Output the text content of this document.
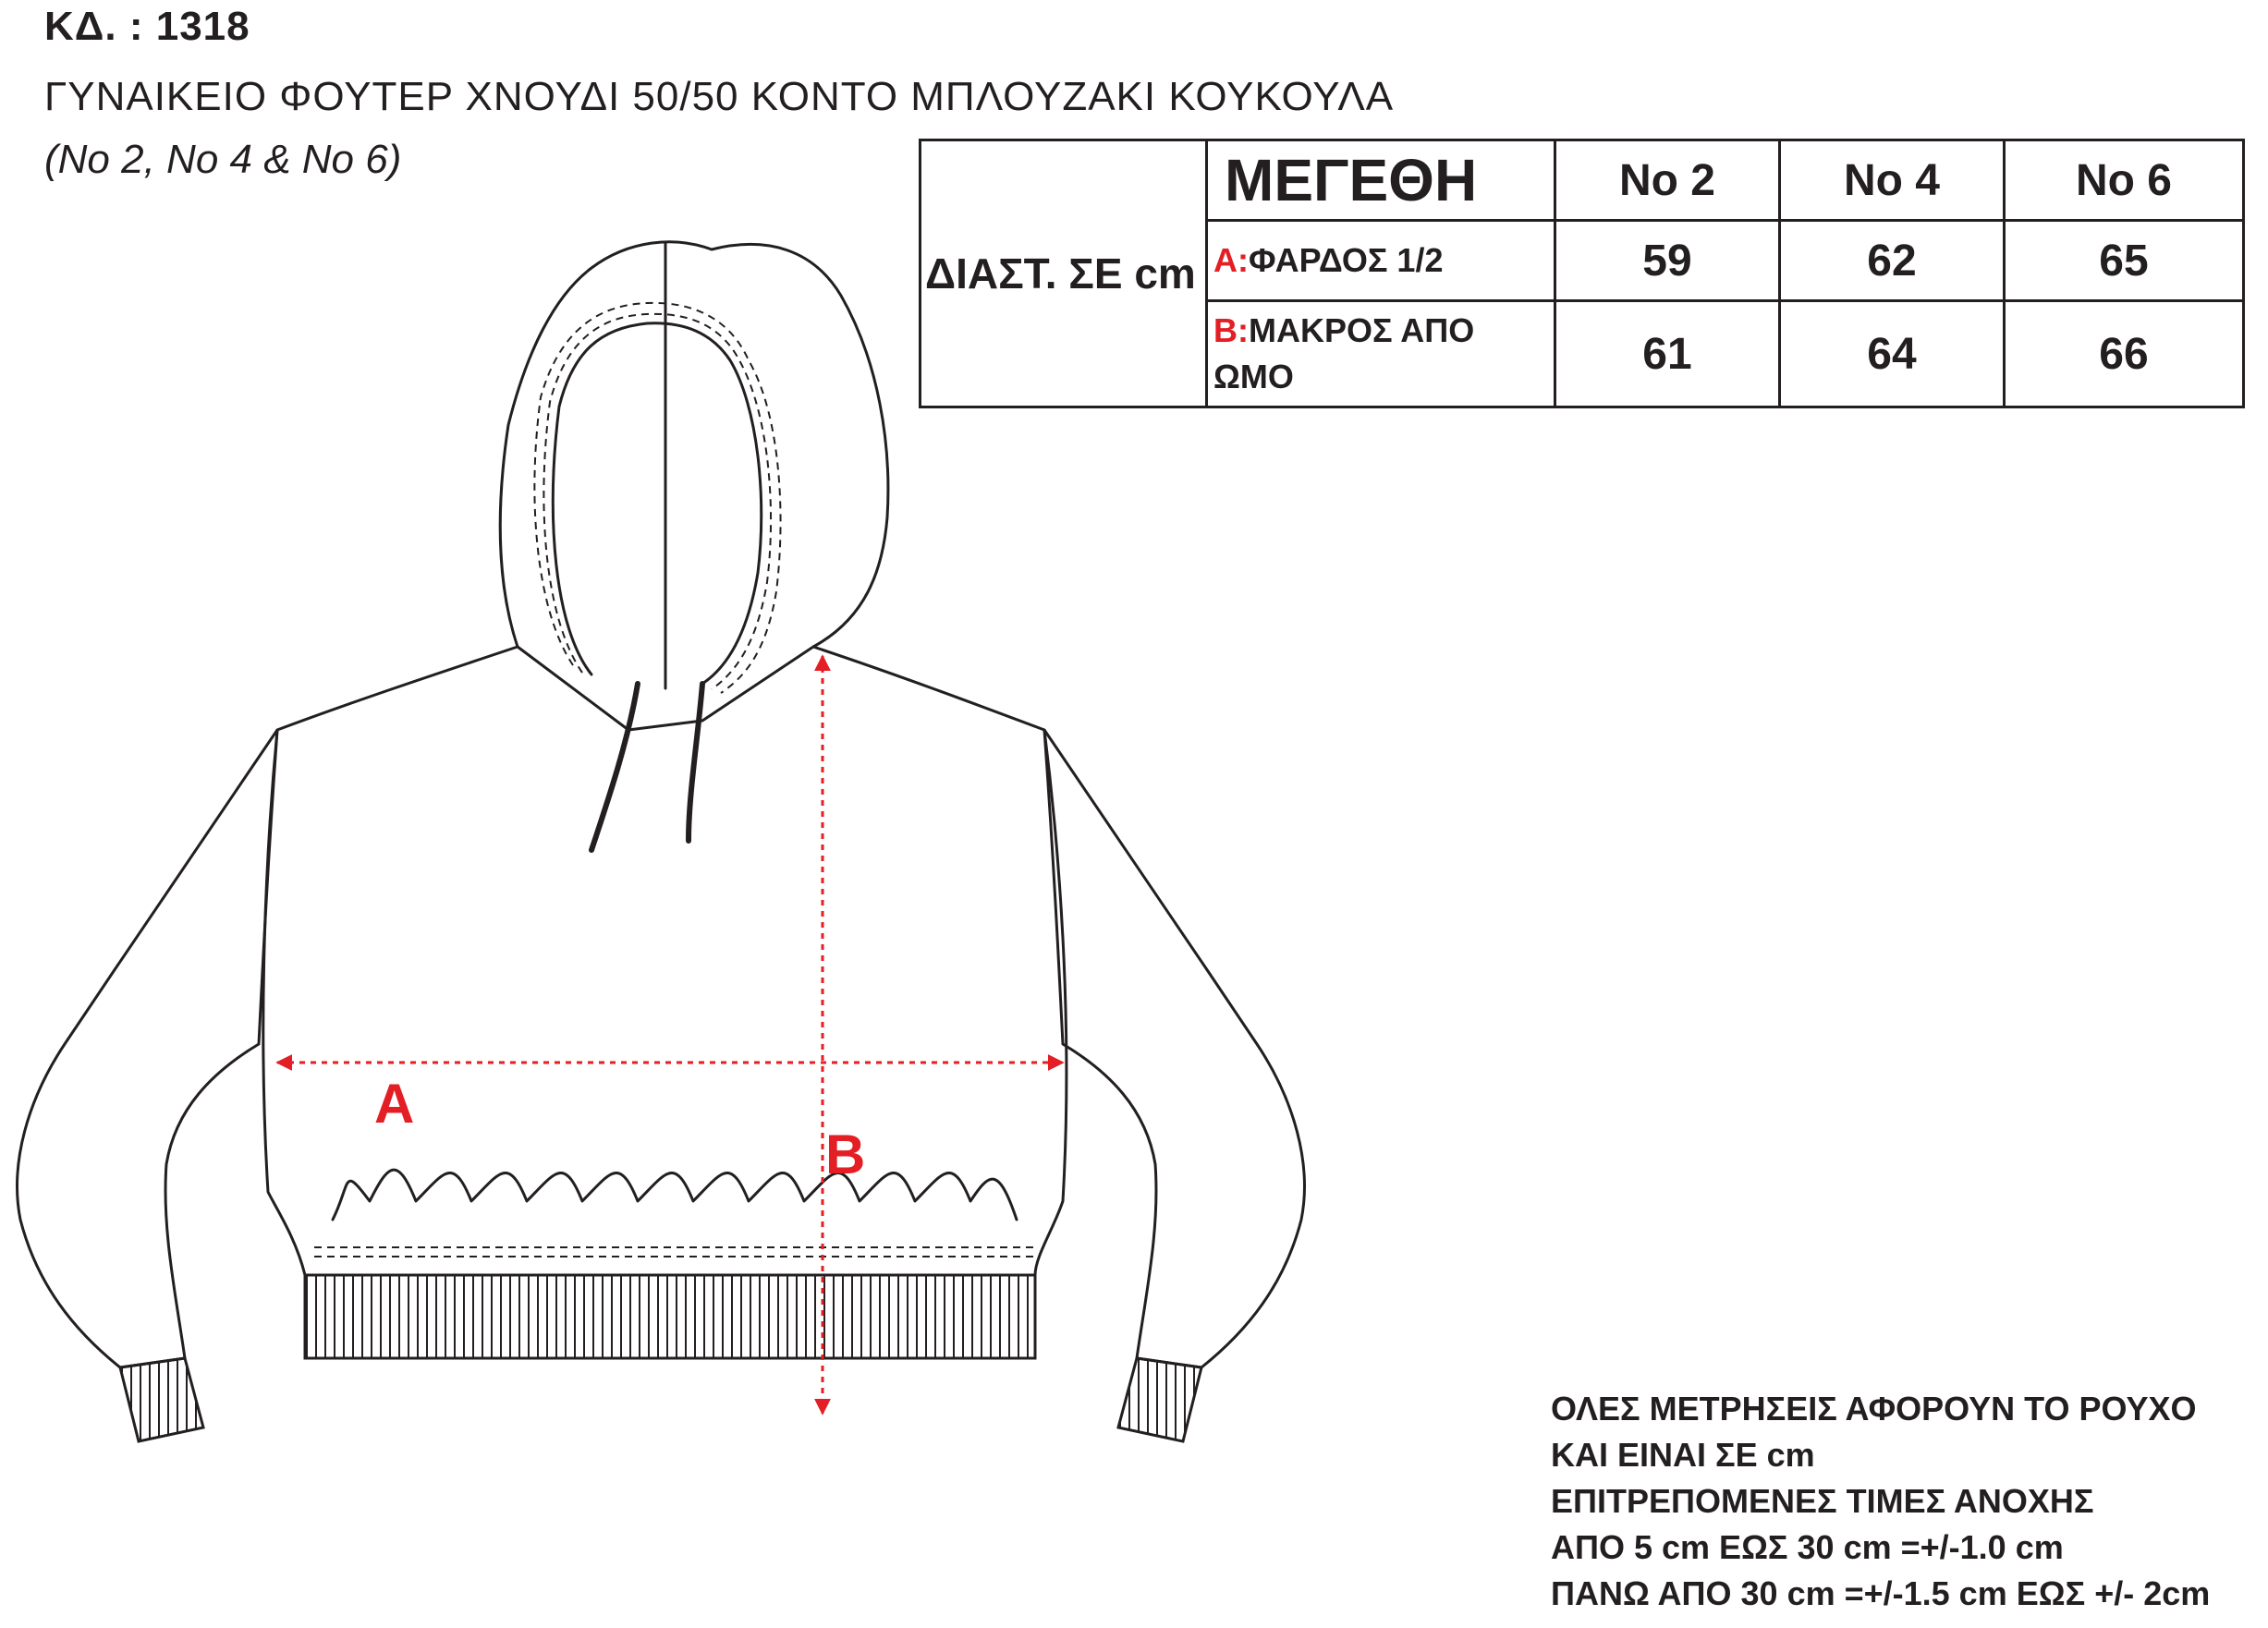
ΚΔ. : 1318
ΓΥΝΑΙΚΕΙΟ ΦΟΥΤΕΡ ΧΝΟΥΔΙ 50/50 ΚΟΝΤΟ ΜΠΛΟΥΖΑΚΙ ΚΟΥΚΟΥΛΑ
(No 2, No 4 & No 6)
ΔΙΑΣΤ. ΣΕ cm	ΜΕΓΕΘΗ	No 2	No 4	No 6
	A:ΦΑΡΔΟΣ 1/2	59	62	65
	B:ΜΑΚΡΟΣ ΑΠΟ ΩΜΟ	61	64	66
A
B
ΟΛΕΣ ΜΕΤΡΗΣΕΙΣ ΑΦΟΡΟΥΝ ΤΟ ΡΟΥΧΟ
ΚΑΙ ΕΙΝΑΙ ΣΕ cm
ΕΠΙΤΡΕΠΟΜΕΝΕΣ ΤΙΜΕΣ ΑΝΟΧΗΣ
ΑΠΟ 5 cm ΕΩΣ 30 cm =+/-1.0 cm
ΠΑΝΩ ΑΠΟ 30 cm =+/-1.5 cm ΕΩΣ +/- 2cm
